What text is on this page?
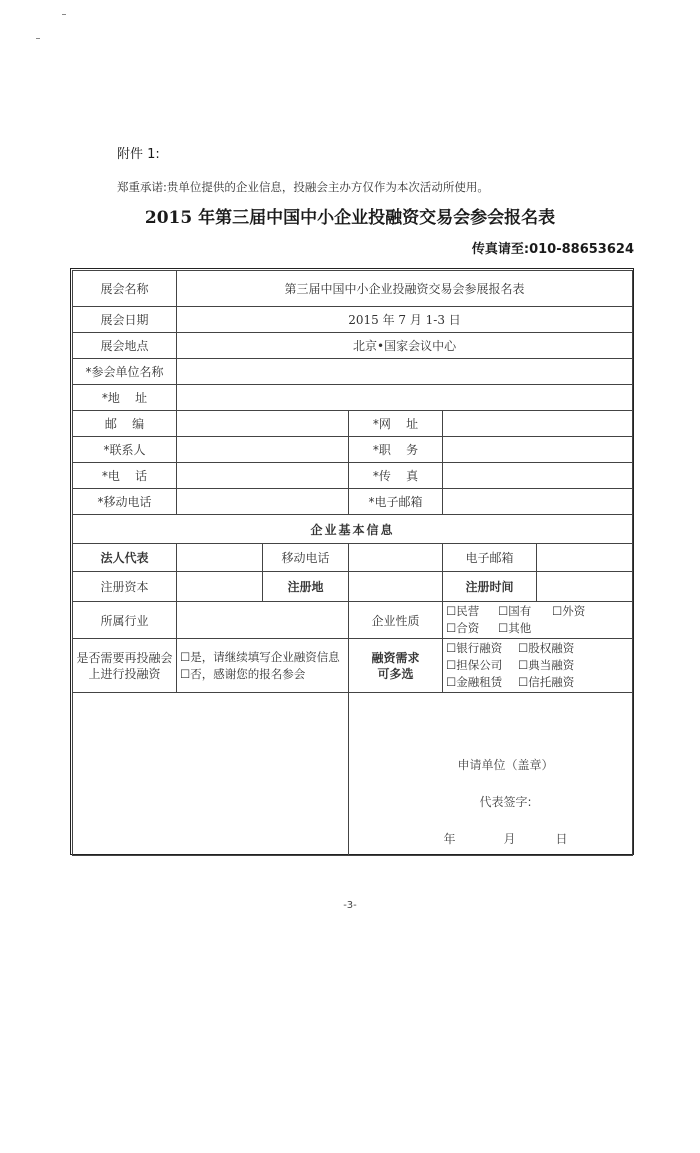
附件 1:
郑重承诺:贵单位提供的企业信息，投融会主办方仅作为本次活动所使用。
2015 年第三届中国中小企业投融资交易会参会报名表
传真请至:010-88653624
展会名称	第三届中国中小企业投融资交易会参展报名表				
展会日期	2015 年 7 月 1-3 日				
展会地点	北京•国家会议中心				
*参会单位名称					
*地    址					
邮    编			*网    址		
*联系人			*职    务		
*电    话			*传    真		
*移动电话			*电子邮箱		
企业基本信息					
法人代表		移动电话		电子邮箱	
注册资本		注册地		注册时间	
所属行业			企业性质	☐民营 ☐国有 ☐外资
☐合资 ☐其他	
是否需要再投融会上进行投融资	☐是，请继续填写企业融资信息
☐否，感谢您的报名参会		融资需求可多选	☐银行融资 ☐股权融资
☐担保公司 ☐典当融资
☐金融租赁 ☐信托融资	

			申请单位（盖章）
代表签字:
年 月 日		
-3-
